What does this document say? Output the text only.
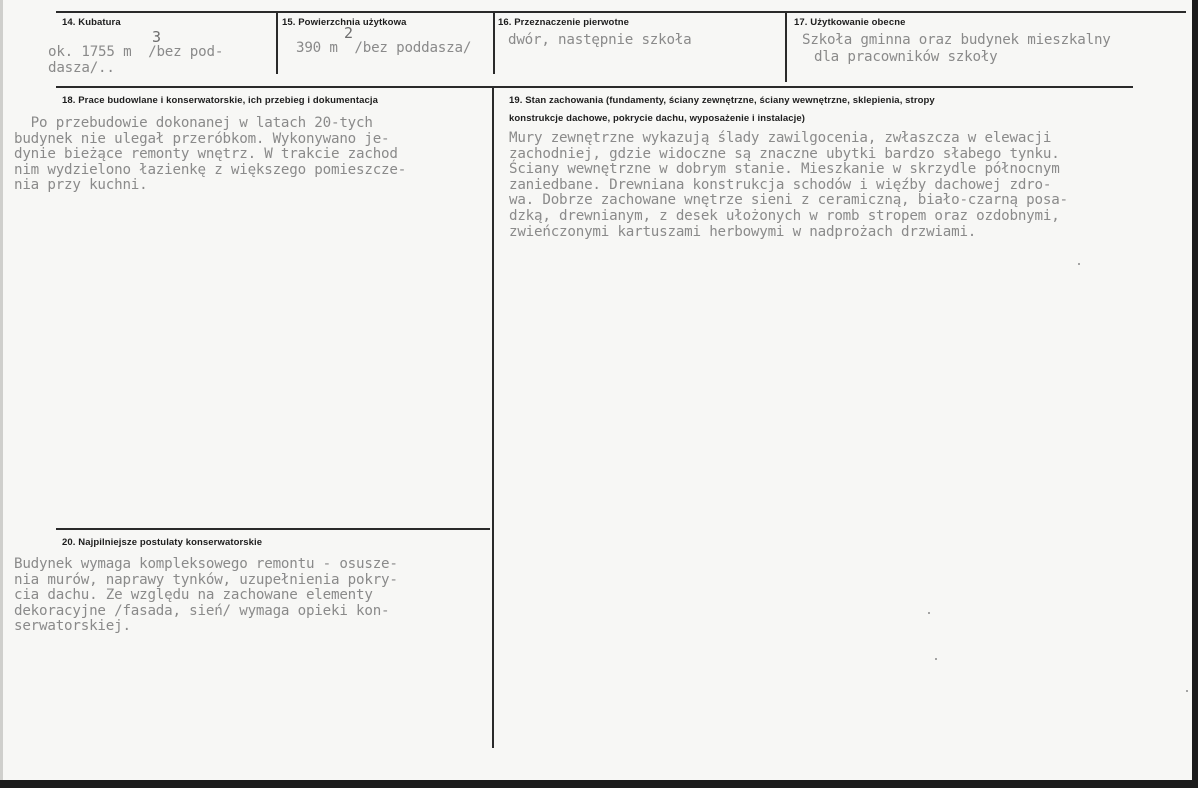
14. Kubatura
ok. 1755 m  /bez pod-
3
dasza/..
15. Powierzchnia użytkowa
390 m  /bez poddasza/
2
16. Przeznaczenie pierwotne
dwór, następnie szkoła
17. Użytkowanie obecne
Szkoła gminna oraz budynek mieszkalny
dla pracowników szkoły
18. Prace budowlane i konserwatorskie, ich przebieg i dokumentacja
Po przebudowie dokonanej w latach 20-tych
budynek nie ulegał przeróbkom. Wykonywano je-
dynie bieżące remonty wnętrz. W trakcie zachod
nim wydzielono łazienkę z większego pomieszcze-
nia przy kuchni.
19. Stan zachowania (fundamenty, ściany zewnętrzne, ściany wewnętrzne, sklepienia, stropy
konstrukcje dachowe, pokrycie dachu, wyposażenie i instalacje)
Mury zewnętrzne wykazują ślady zawilgocenia, zwłaszcza w elewacji
zachodniej, gdzie widoczne są znaczne ubytki bardzo słabego tynku.
Ściany wewnętrzne w dobrym stanie. Mieszkanie w skrzydle północnym
zaniedbane. Drewniana konstrukcja schodów i więźby dachowej zdro-
wa. Dobrze zachowane wnętrze sieni z ceramiczną, biało-czarną posa-
dzką, drewnianym, z desek ułożonych w romb stropem oraz ozdobnymi,
zwieńczonymi kartuszami herbowymi w nadprożach drzwiami.
20. Najpilniejsze postulaty konserwatorskie
Budynek wymaga kompleksowego remontu - osusze-
nia murów, naprawy tynków, uzupełnienia pokry-
cia dachu. Ze względu na zachowane elementy
dekoracyjne /fasada, sień/ wymaga opieki kon-
serwatorskiej.
